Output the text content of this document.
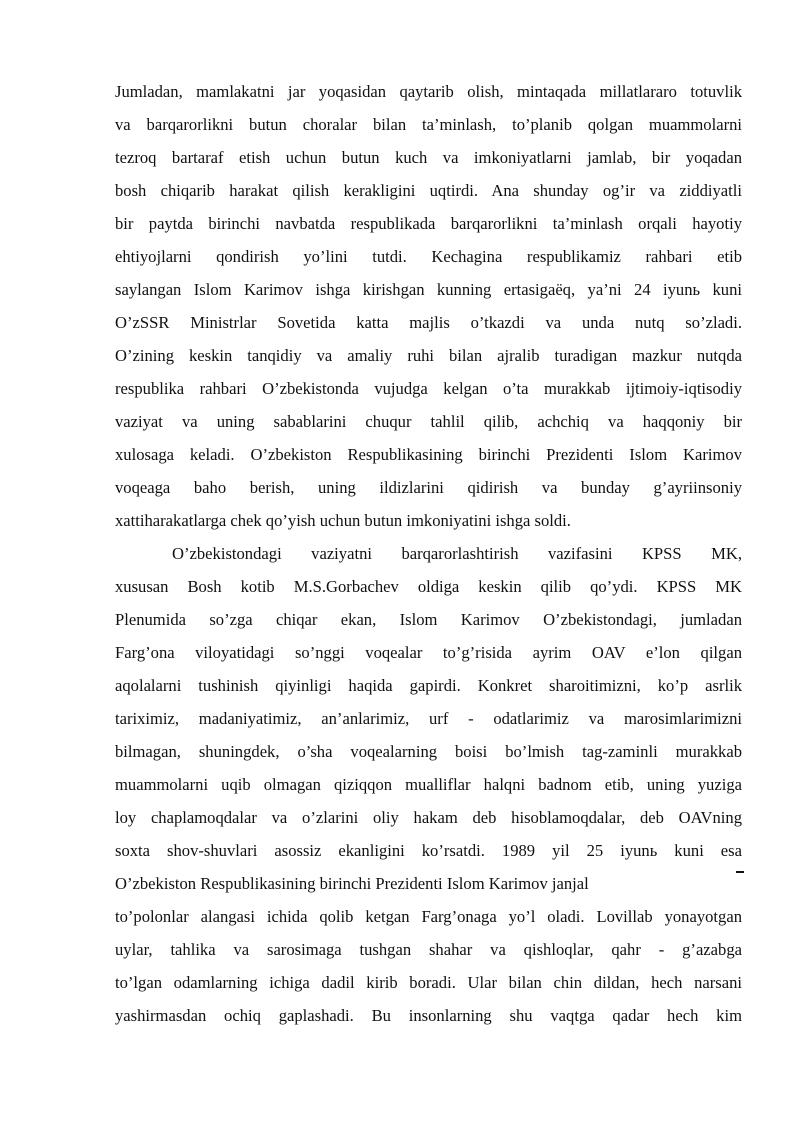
Jumladan, mamlakatni jar yoqasidan qaytarib olish, mintaqada millatlararo totuvlik
va barqarorlikni butun choralar bilan ta’minlash, to’planib qolgan muammolarni
tezroq bartaraf etish uchun butun kuch va imkoniyatlarni jamlab, bir yoqadan
bosh chiqarib harakat qilish kerakligini uqtirdi. Ana shunday og’ir va ziddiyatli
bir paytda birinchi navbatda respublikada barqarorlikni ta’minlash orqali hayotiy
ehtiyojlarni qondirish yo’lini tutdi. Kechagina respublikamiz rahbari etib
saylangan Islom Karimov ishga kirishgan kunning ertasigaёq, ya’ni 24 iyunь kuni
O’zSSR Ministrlar Sovetida katta majlis o’tkazdi va unda nutq so’zladi.
O’zining keskin tanqidiy va amaliy ruhi bilan ajralib turadigan mazkur nutqda
respublika rahbari O’zbekistonda vujudga kelgan o’ta murakkab ijtimoiy-iqtisodiy
vaziyat va uning sabablarini chuqur tahlil qilib, achchiq va haqqoniy bir
xulosaga keladi. O’zbekiston Respublikasining birinchi Prezidenti Islom Karimov
voqeaga baho berish, uning ildizlarini qidirish va bunday g’ayriinsoniy
xattiharakatlarga chek qo’yish uchun butun imkoniyatini ishga soldi.
O’zbekistondagi vaziyatni barqarorlashtirish vazifasini KPSS MK,
xususan Bosh kotib M.S.Gorbachev oldiga keskin qilib qo’ydi. KPSS MK
Plenumida so’zga chiqar ekan, Islom Karimov O’zbekistondagi, jumladan
Farg’ona viloyatidagi so’nggi voqealar to’g’risida ayrim OAV e’lon qilgan
aqolalarni tushinish qiyinligi haqida gapirdi. Konkret sharoitimizni, ko’p asrlik
tariximiz, madaniyatimiz, an’anlarimiz, urf - odatlarimiz va marosimlarimizni
bilmagan, shuningdek, o’sha voqealarning boisi bo’lmish tag-zaminli murakkab
muammolarni uqib olmagan qiziqqon mualliflar halqni badnom etib, uning yuziga
loy chaplamoqdalar va o’zlarini oliy hakam deb hisoblamoqdalar, deb OAVning
soxta shov-shuvlari asossiz ekanligini ko’rsatdi. 1989 yil 25 iyunь kuni esa
O’zbekiston Respublikasining birinchi Prezidenti Islom Karimov janjal
to’polonlar alangasi ichida qolib ketgan Farg’onaga yo’l oladi. Lovillab yonayotgan
uylar, tahlika va sarosimaga tushgan shahar va qishloqlar, qahr - g’azabga
to’lgan odamlarning ichiga dadil kirib boradi. Ular bilan chin dildan, hech narsani
yashirmasdan ochiq gaplashadi. Bu insonlarning shu vaqtga qadar hech kim
